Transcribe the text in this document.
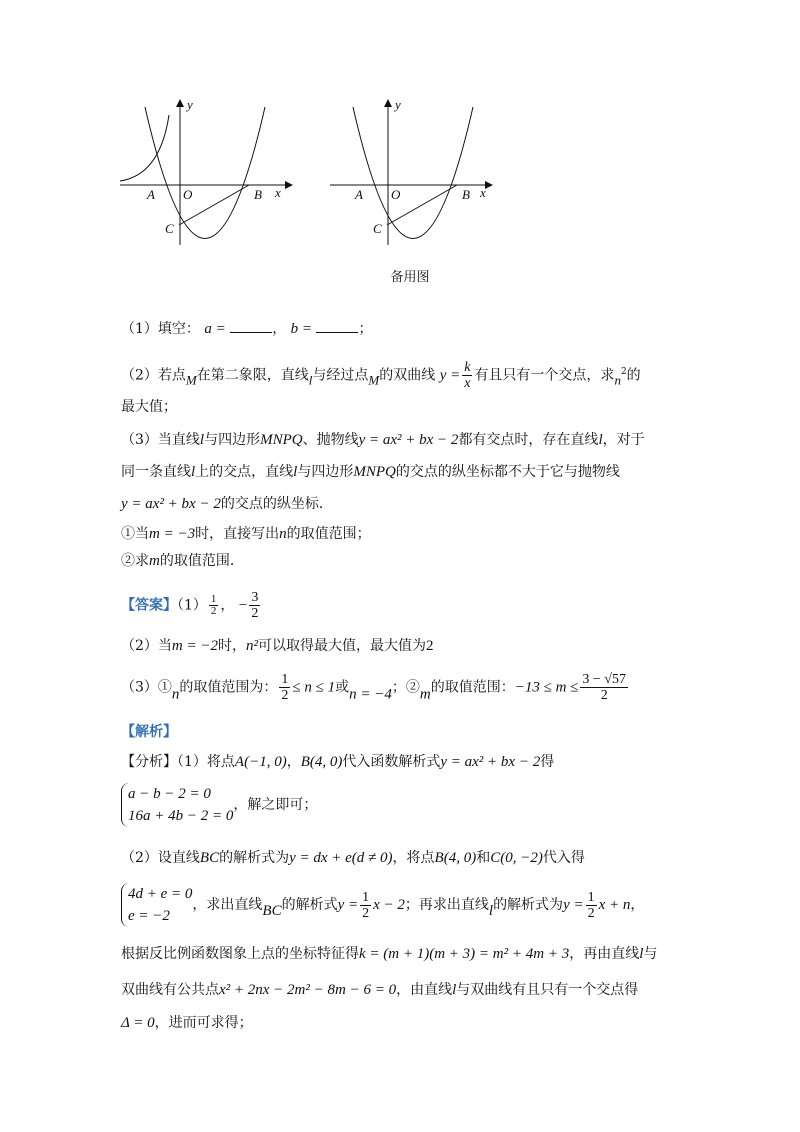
y
x
A O	B
C
y
x
A O	B
C
备用图
（1）填空： a =	， b =	；
（2）若点M在第二象限，直线l与经过点M的双曲线 $y = \frac{k}{x}$ 有且只有一个交点，求$n^2$的
最大值；
（3）当直线l与四边形MNPQ、抛物线y = ax² + bx − 2都有交点时，存在直线l，对于
同一条直线l上的交点，直线l与四边形MNPQ的交点的纵坐标都不大于它与抛物线
y = ax² + bx − 2的交点的纵坐标．
①当m = −3时，直接写出n的取值范围；
②求m的取值范围．
【答案】$(1) \frac{1}{2}$ ， − $\frac{3}{2}$
（2）当m = −2时，n²可以取得最大值，最大值为2
（3）①n的取值范围为： $\frac{1}{2} \le n \le 1$或n = −4；②m的取值范围：$-13 \le m \le \frac{3 - √57}{2}$
【解析】
【分析】（1）将点A(−1, 0)，B(4, 0)代入函数解析式y = ax² + bx − 2得
a − b − 2 = 0
16a + 4b − 2 = 0
，解之即可；
（2）设直线BC的解析式为y = dx + e(d ≠ 0)，将点B(4, 0)和C(0, −2)代入得
4d + e = 0
e = −2
，求出直线BC的解析式$y = \frac{1}{2}$ x − 2；再求出直线l的解析式为$y = \frac{1}{2}$ x + n，
根据反比例函数图象上点的坐标特征得k = (m + 1)(m + 3) = m² + 4m + 3，再由直线l与
双曲线有公共点x² + 2nx − 2m² − 8m − 6 = 0，由直线l与双曲线有且只有一个交点得
Δ = 0，进而可求得；
